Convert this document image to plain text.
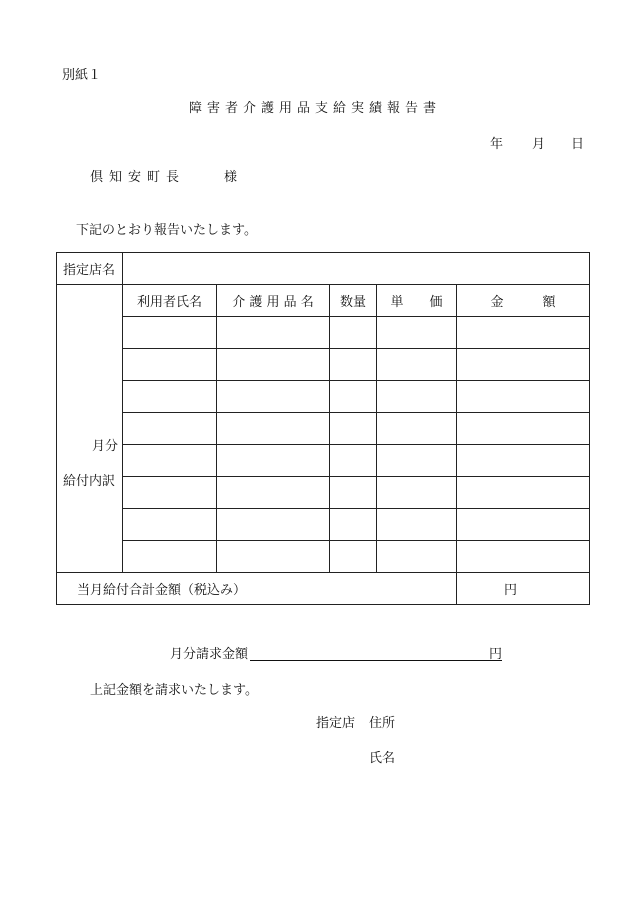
別紙１
障害者介護用品支給実績報告書
年 月 日
倶知安町長	様
下記のとおり報告いたします。
指定店名					

月分
給付内訳	利用者氏名	介 護 用 品 名	数量	単　　価	金　　　額

当月給付合計金額（税込み）					円
月分請求金額	円
上記金額を請求いたします。
指定店 住所
氏名
